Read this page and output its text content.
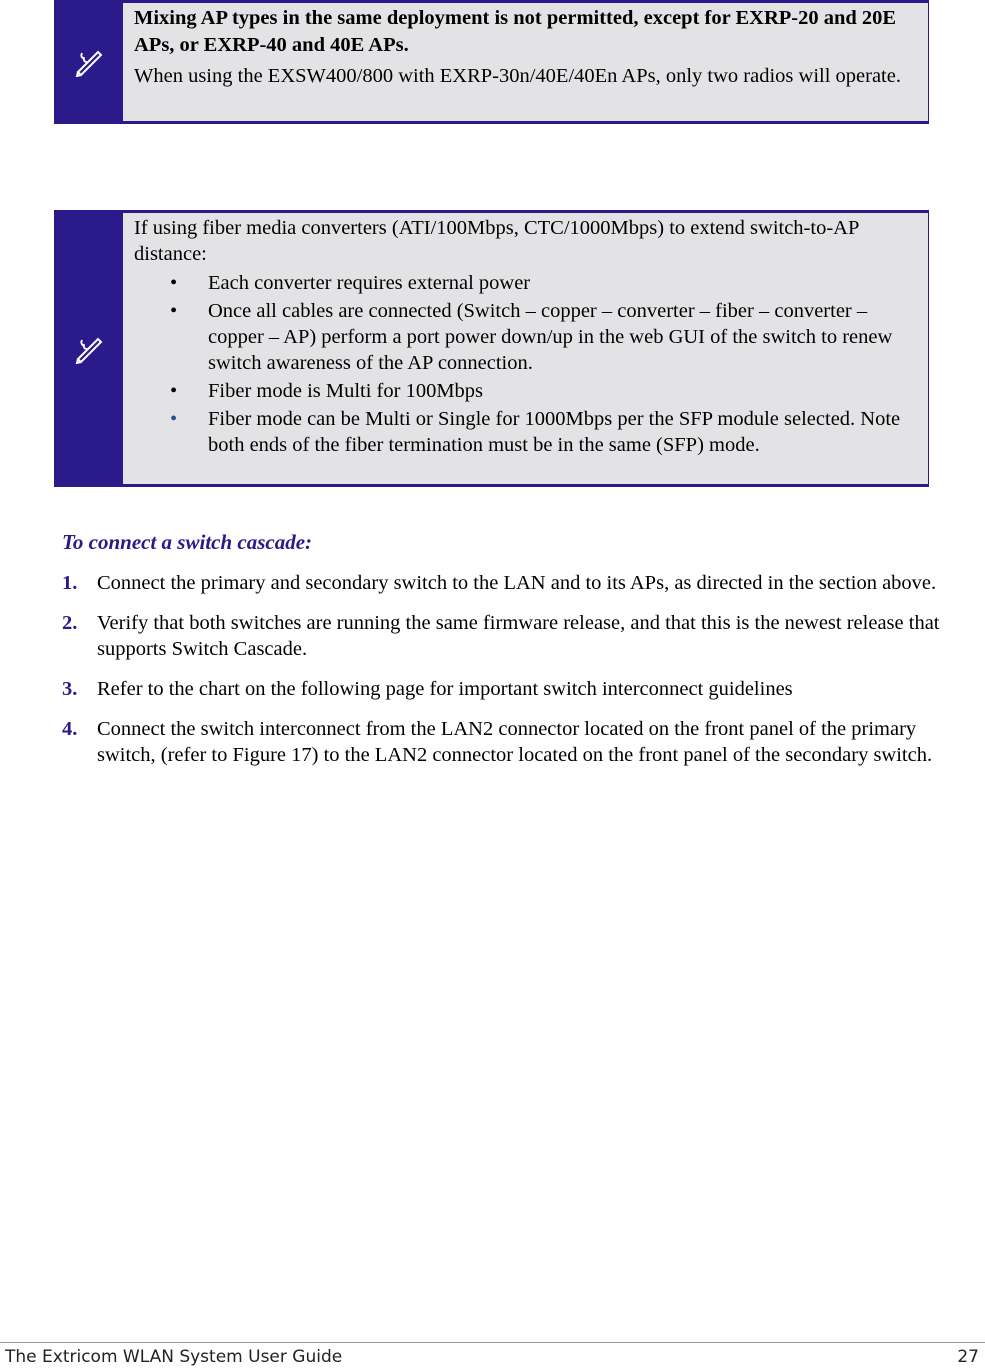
Mixing AP types in the same deployment is not permitted, except for EXRP-20 and 20E APs, or EXRP-40 and 40E APs.
When using the EXSW400/800 with EXRP-30n/40E/40En APs, only two radios will operate.
If using fiber media converters (ATI/100Mbps, CTC/1000Mbps) to extend switch-to-AP distance:
• Each converter requires external power
• Once all cables are connected (Switch – copper – converter – fiber – converter – copper – AP) perform a port power down/up in the web GUI of the switch to renew switch awareness of the AP connection.
• Fiber mode is Multi for 100Mbps
• Fiber mode can be Multi or Single for 1000Mbps per the SFP module selected. Note both ends of the fiber termination must be in the same (SFP) mode.
To connect a switch cascade:
1. Connect the primary and secondary switch to the LAN and to its APs, as directed in the section above.
2. Verify that both switches are running the same firmware release, and that this is the newest release that supports Switch Cascade.
3. Refer to the chart on the following page for important switch interconnect guidelines
4. Connect the switch interconnect from the LAN2 connector located on the front panel of the primary switch, (refer to Figure 17) to the LAN2 connector located on the front panel of the secondary switch.
The Extricom WLAN System User Guide	27
